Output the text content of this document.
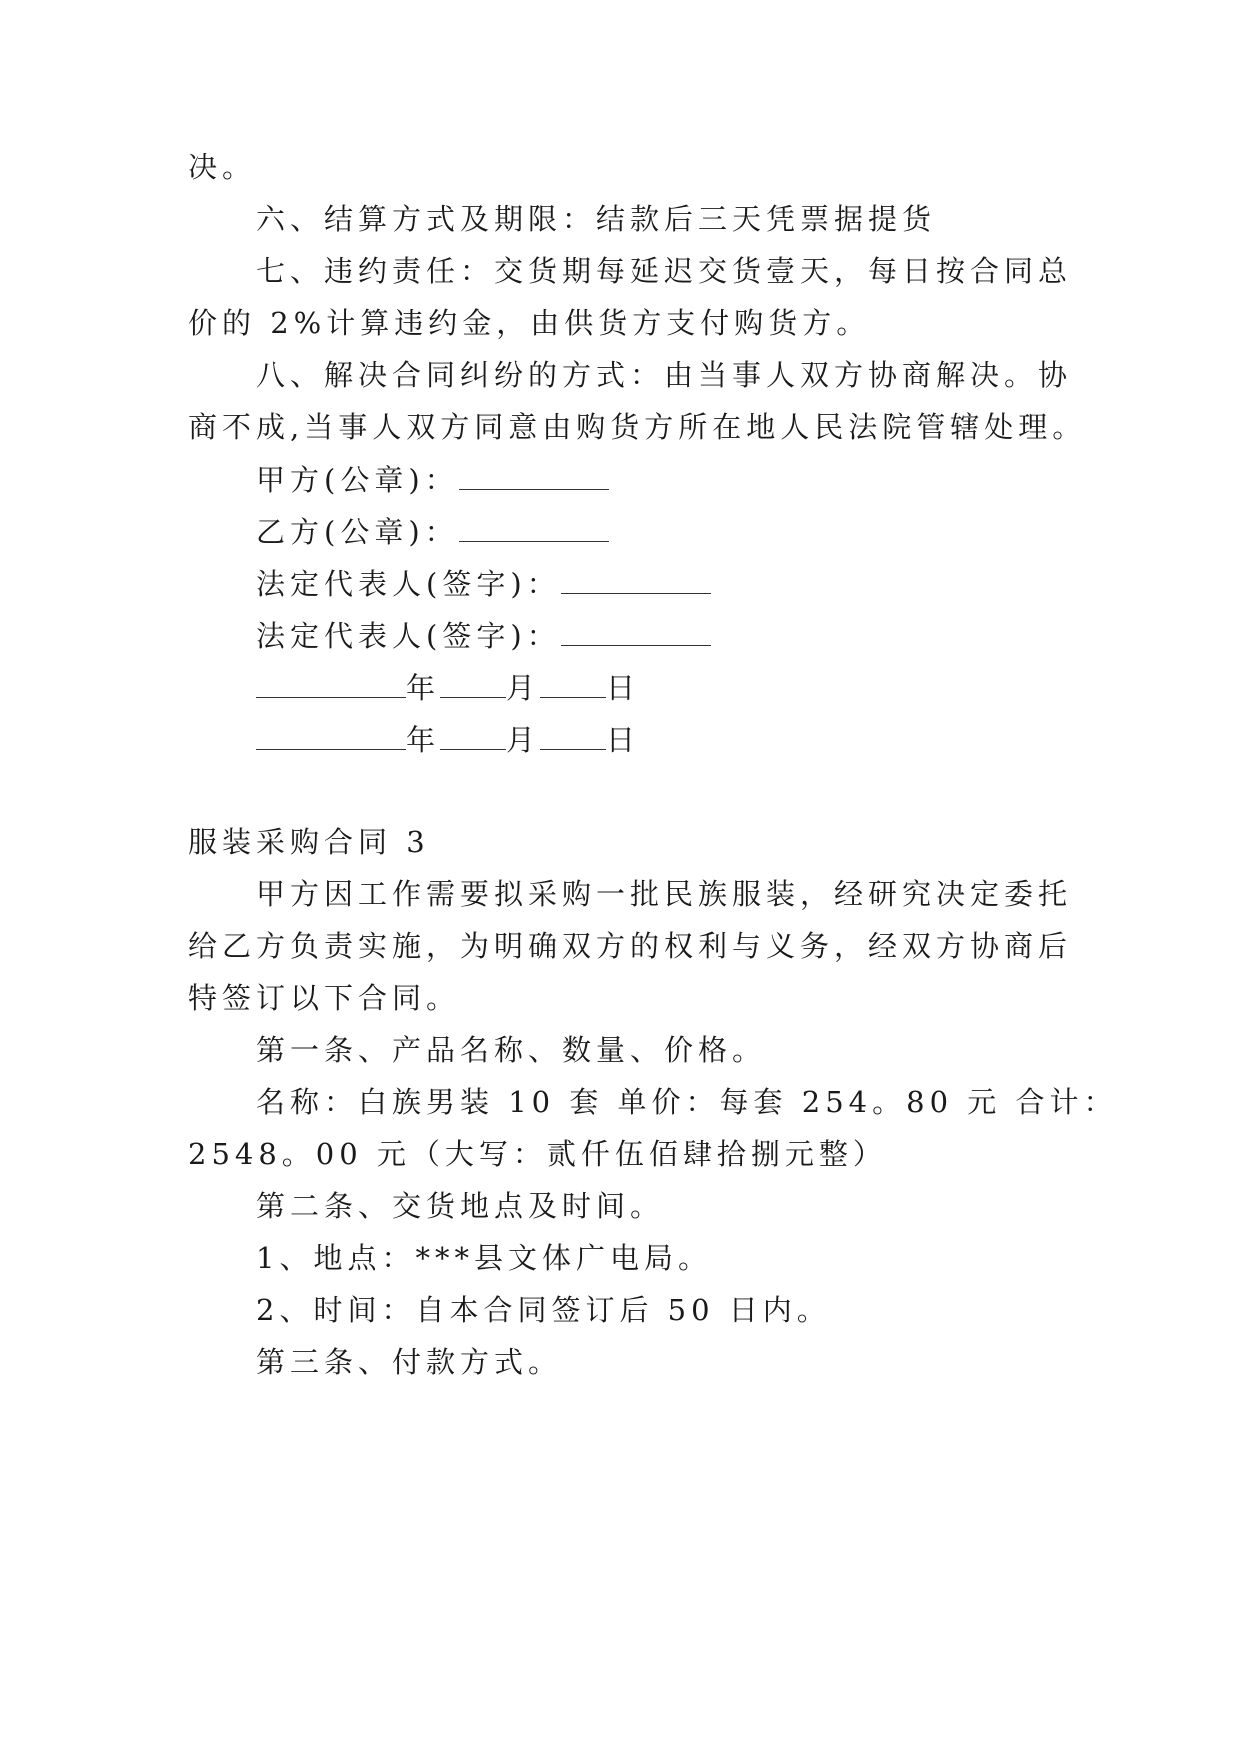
决。
六、结算方式及期限：结款后三天凭票据提货
七、违约责任：交货期每延迟交货壹天，每日按合同总
价的 2%计算违约金，由供货方支付购货方。
八、解决合同纠纷的方式：由当事人双方协商解决。协
商不成,当事人双方同意由购货方所在地人民法院管辖处理。
甲方(公章)：
乙方(公章)：
法定代表人(签字)：
法定代表人(签字)：
年 月 日
年 月 日
服装采购合同 3
甲方因工作需要拟采购一批民族服装，经研究决定委托
给乙方负责实施，为明确双方的权利与义务，经双方协商后
特签订以下合同。
第一条、产品名称、数量、价格。
名称：白族男装 10 套 单价：每套 254。80 元 合计：
2548。00 元（大写：贰仟伍佰肆拾捌元整）
第二条、交货地点及时间。
1、地点：***县文体广电局。
2、时间：自本合同签订后 50 日内。
第三条、付款方式。
